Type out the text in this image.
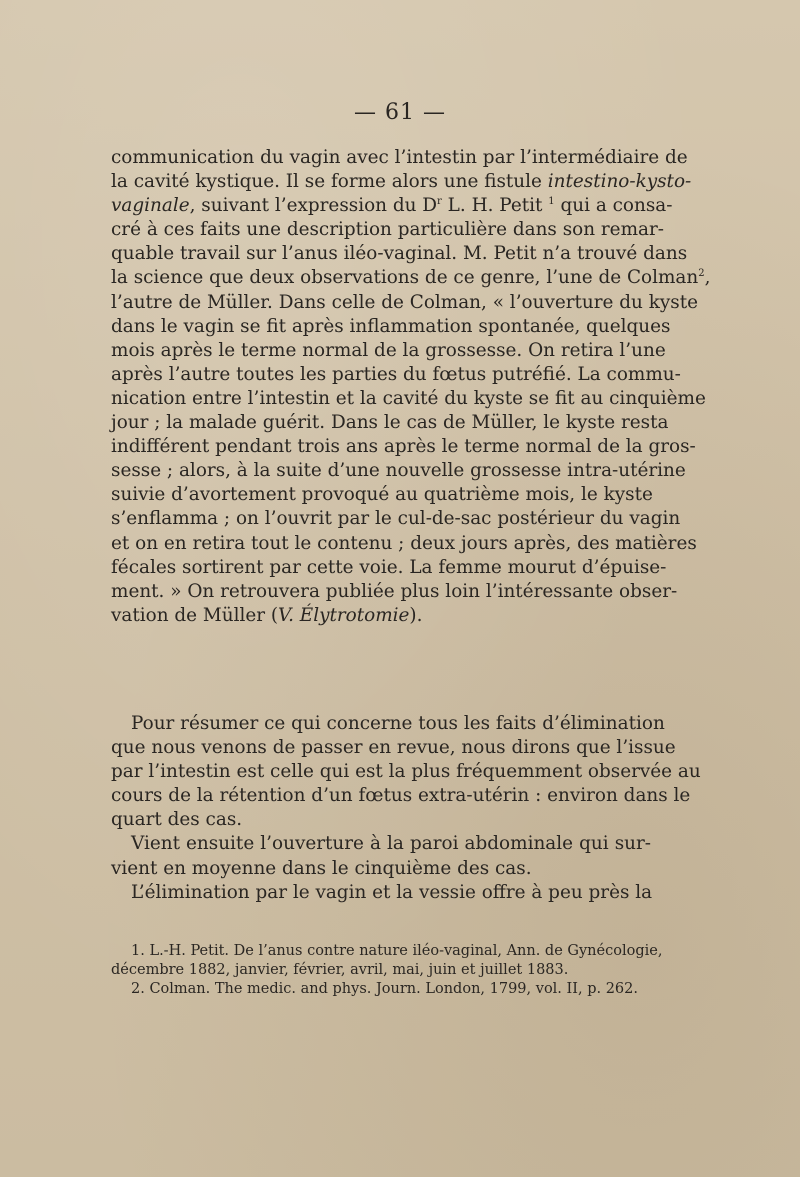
— 61 —
communication du vagin avec l’intestin par l’intermédiaire de
la cavité kystique. Il se forme alors une fistule intestino-kysto-
vaginale, suivant l’expression du $D^r$ L. H. Petit $^1$ qui a consa-
cré à ces faits une description particulière dans son remar-
quable travail sur l’anus iléo-vaginal. M. Petit n’a trouvé dans
la science que deux observations de ce genre, l’une de Colman$^2$,
l’autre de Müller. Dans celle de Colman, « l’ouverture du kyste
dans le vagin se fit après inflammation spontanée, quelques
mois après le terme normal de la grossesse. On retira l’une
après l’autre toutes les parties du fœtus putréfié. La commu-
nication entre l’intestin et la cavité du kyste se fit au cinquième
jour ; la malade guérit. Dans le cas de Müller, le kyste resta
indifférent pendant trois ans après le terme normal de la gros-
sesse ; alors, à la suite d’une nouvelle grossesse intra-utérine
suivie d’avortement provoqué au quatrième mois, le kyste
s’enflamma ; on l’ouvrit par le cul-de-sac postérieur du vagin
et on en retira tout le contenu ; deux jours après, des matières
fécales sortirent par cette voie. La femme mourut d’épuise-
ment. » On retrouvera publiée plus loin l’intéressante obser-
vation de Müller (V. Élytrotomie).
Pour résumer ce qui concerne tous les faits d’élimination
que nous venons de passer en revue, nous dirons que l’issue
par l’intestin est celle qui est la plus fréquemment observée au
cours de la rétention d’un fœtus extra-utérin : environ dans le
quart des cas.
Vient ensuite l’ouverture à la paroi abdominale qui sur-
vient en moyenne dans le cinquième des cas.
L’élimination par le vagin et la vessie offre à peu près la
1. L.-H. Petit. De l’anus contre nature iléo-vaginal, Ann. de Gynécologie,
décembre 1882, janvier, février, avril, mai, juin et juillet 1883.
2. Colman. The medic. and phys. Journ. London, 1799, vol. II, p. 262.
